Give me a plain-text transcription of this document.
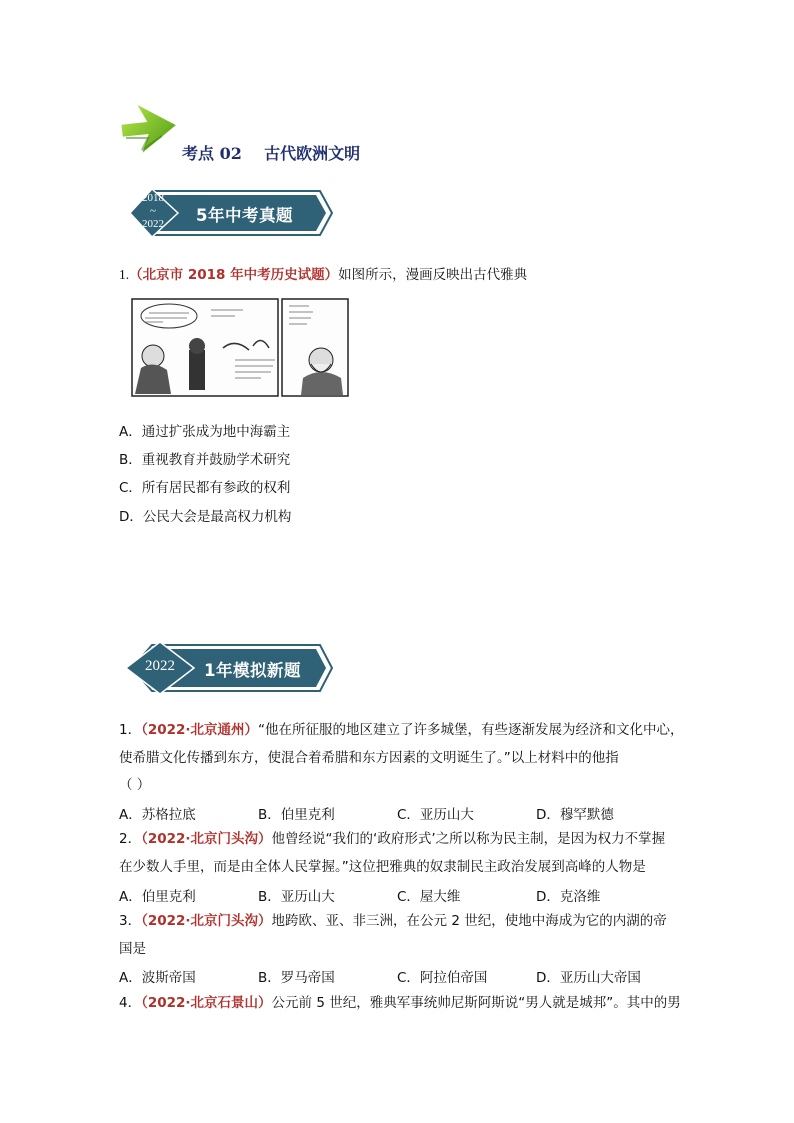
考点 02    古代欧洲文明
2018
~
2022 5年中考真题
1.（北京市 2018 年中考历史试题）如图所示，漫画反映出古代雅典
A．通过扩张成为地中海霸主
B．重视教育并鼓励学术研究
C．所有居民都有参政的权利
D．公民大会是最高权力机构
2022	1年模拟新题
1．（2022·北京通州）“他在所征服的地区建立了许多城堡，有些逐渐发展为经济和文化中心，
使希腊文化传播到东方，使混合着希腊和东方因素的文明诞生了。”以上材料中的他指
（ ）
A．苏格拉底	B．伯里克利	C．亚历山大	D．穆罕默德
2．（2022·北京门头沟）他曾经说“我们的‘政府形式’之所以称为民主制，是因为权力不掌握
在少数人手里，而是由全体人民掌握。”这位把雅典的奴隶制民主政治发展到高峰的人物是
A．伯里克利	B．亚历山大	C．屋大维	D．克洛维
3．（2022·北京门头沟）地跨欧、亚、非三洲，在公元 2 世纪，使地中海成为它的内湖的帝
国是
A．波斯帝国	B．罗马帝国	C．阿拉伯帝国	D．亚历山大帝国
4．（2022·北京石景山）公元前 5 世纪，雅典军事统帅尼斯阿斯说“男人就是城邦”。其中的男
